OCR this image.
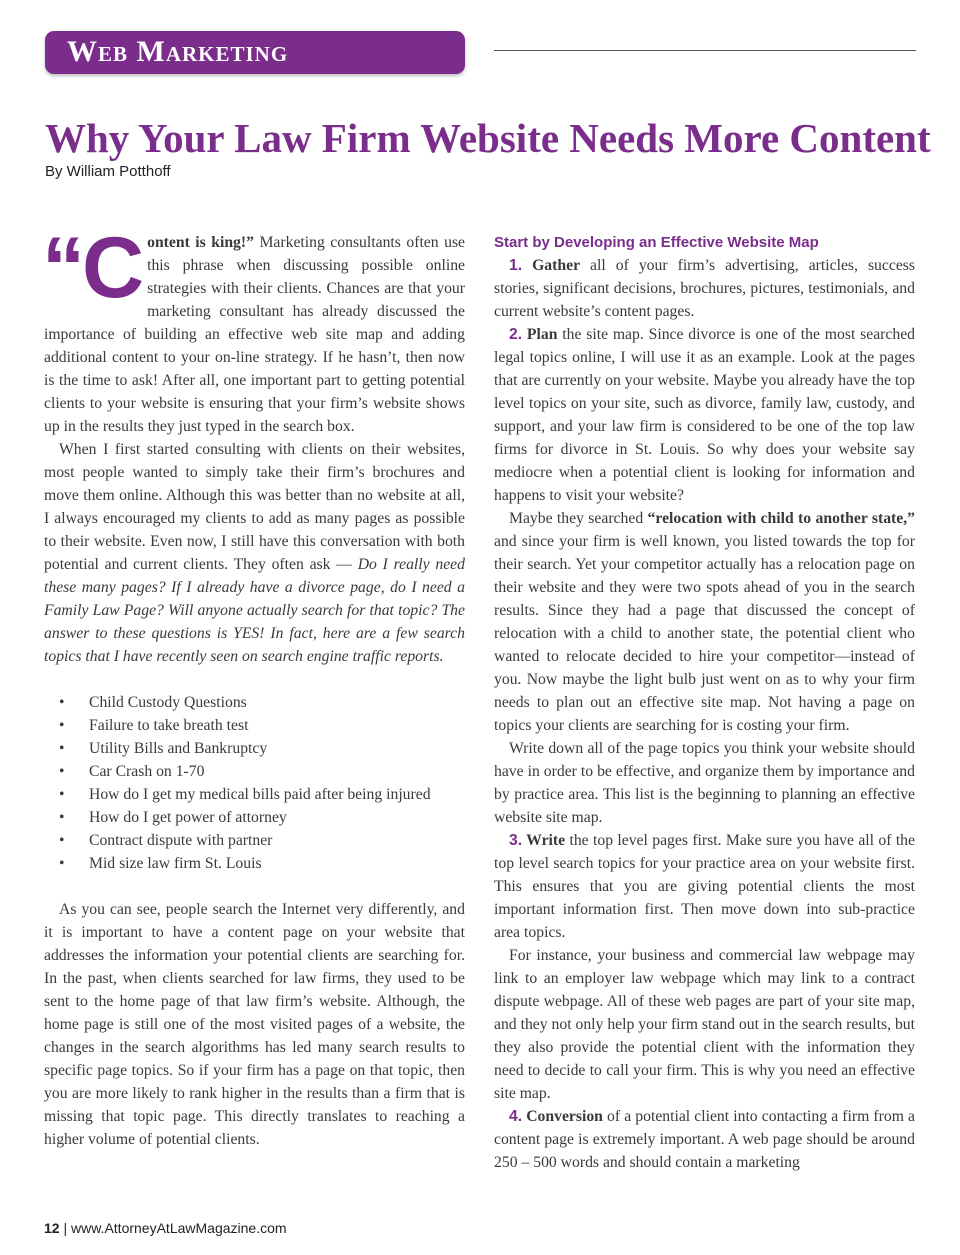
Web Marketing
Why Your Law Firm Website Needs More Content
By William Potthoff

“Content is king!” Marketing consultants often use this phrase when discussing possible online strategies with their clients. Chances are that your marketing consultant has already discussed the importance of building an effective web site map and adding additional content to your on-line strategy. If he hasn’t, then now is the time to ask! After all, one important part to getting potential clients to your website is ensuring that your firm’s website shows up in the results they just typed in the search box.

When I first started consulting with clients on their websites, most people wanted to simply take their firm’s brochures and move them online. Although this was better than no website at all, I always encouraged my clients to add as many pages as possible to their website. Even now, I still have this conversation with both potential and current clients. They often ask — Do I really need these many pages? If I already have a divorce page, do I need a Family Law Page? Will anyone actually search for that topic? The answer to these questions is YES! In fact, here are a few search topics that I have recently seen on search engine traffic reports.

• Child Custody Questions
• Failure to take breath test
• Utility Bills and Bankruptcy
• Car Crash on 1-70
• How do I get my medical bills paid after being injured
• How do I get power of attorney
• Contract dispute with partner
• Mid size law firm St. Louis

As you can see, people search the Internet very differently, and it is important to have a content page on your website that addresses the information your potential clients are searching for. In the past, when clients searched for law firms, they used to be sent to the home page of that law firm’s website. Although, the home page is still one of the most visited pages of a website, the changes in the search algorithms has led many search results to specific page topics. So if your firm has a page on that topic, then you are more likely to rank higher in the results than a firm that is missing that topic page. This directly translates to reaching a higher volume of potential clients.

Start by Developing an Effective Website Map

1. Gather all of your firm’s advertising, articles, success stories, significant decisions, brochures, pictures, testimonials, and current website’s content pages.

2. Plan the site map. Since divorce is one of the most searched legal topics online, I will use it as an example. Look at the pages that are currently on your website. Maybe you already have the top level topics on your site, such as divorce, family law, custody, and support, and your law firm is considered to be one of the top law firms for divorce in St. Louis. So why does your website say mediocre when a potential client is looking for information and happens to visit your website?

Maybe they searched “relocation with child to another state,” and since your firm is well known, you listed towards the top for their search. Yet your competitor actually has a relocation page on their website and they were two spots ahead of you in the search results. Since they had a page that discussed the concept of relocation with a child to another state, the potential client who wanted to relocate decided to hire your competitor—instead of you. Now maybe the light bulb just went on as to why your firm needs to plan out an effective site map. Not having a page on topics your clients are searching for is costing your firm.

Write down all of the page topics you think your website should have in order to be effective, and organize them by importance and by practice area. This list is the beginning to planning an effective website site map.

3. Write the top level pages first. Make sure you have all of the top level search topics for your practice area on your website first. This ensures that you are giving potential clients the most important information first. Then move down into sub-practice area topics.

For instance, your business and commercial law webpage may link to an employer law webpage which may link to a contract dispute webpage. All of these web pages are part of your site map, and they not only help your firm stand out in the search results, but they also provide the potential client with the information they need to decide to call your firm. This is why you need an effective site map.

4. Conversion of a potential client into contacting a firm from a content page is extremely important. A web page should be around 250 – 500 words and should contain a marketing

12 | www.AttorneyAtLawMagazine.com
